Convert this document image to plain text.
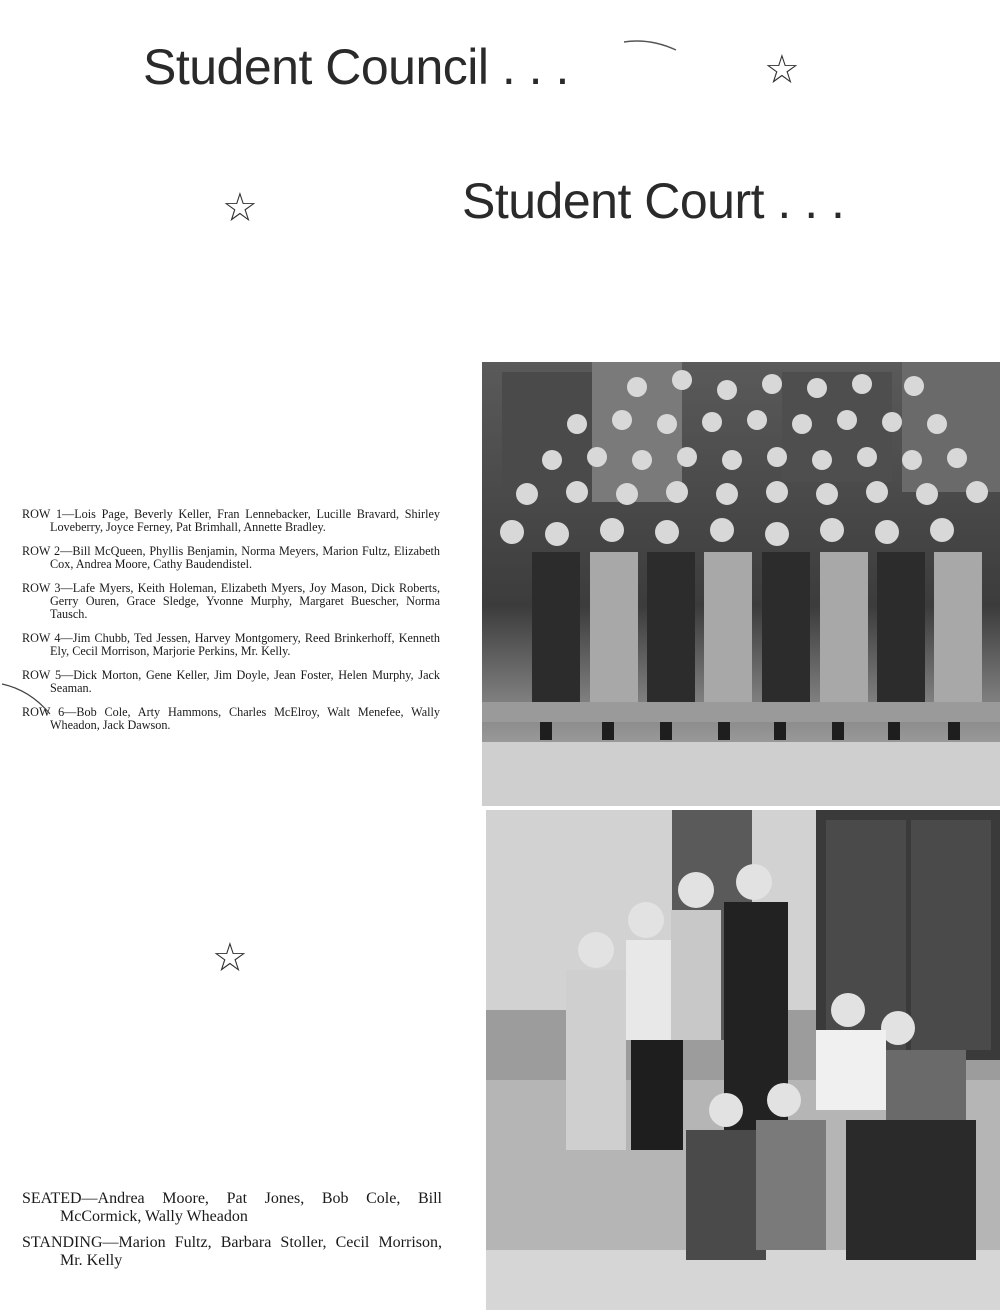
Student Council . . .
Student Court . . .
☆
☆
☆

ROW 1—Lois Page, Beverly Keller, Fran Lennebacker, Lucille Bravard, Shirley Loveberry, Joyce Ferney, Pat Brimhall, Annette Bradley.

ROW 2—Bill McQueen, Phyllis Benjamin, Norma Meyers, Marion Fultz, Elizabeth Cox, Andrea Moore, Cathy Baudendistel.

ROW 3—Lafe Myers, Keith Holeman, Elizabeth Myers, Joy Mason, Dick Roberts, Gerry Ouren, Grace Sledge, Yvonne Murphy, Margaret Buescher, Norma Tausch.

ROW 4—Jim Chubb, Ted Jessen, Harvey Montgomery, Reed Brinkerhoff, Kenneth Ely, Cecil Morrison, Marjorie Perkins, Mr. Kelly.

ROW 5—Dick Morton, Gene Keller, Jim Doyle, Jean Foster, Helen Murphy, Jack Seaman.

ROW 6—Bob Cole, Arty Hammons, Charles McElroy, Walt Menefee, Wally Wheadon, Jack Dawson.

SEATED—Andrea Moore, Pat Jones, Bob Cole, Bill McCormick, Wally Wheadon

STANDING—Marion Fultz, Barbara Stoller, Cecil Morrison, Mr. Kelly
